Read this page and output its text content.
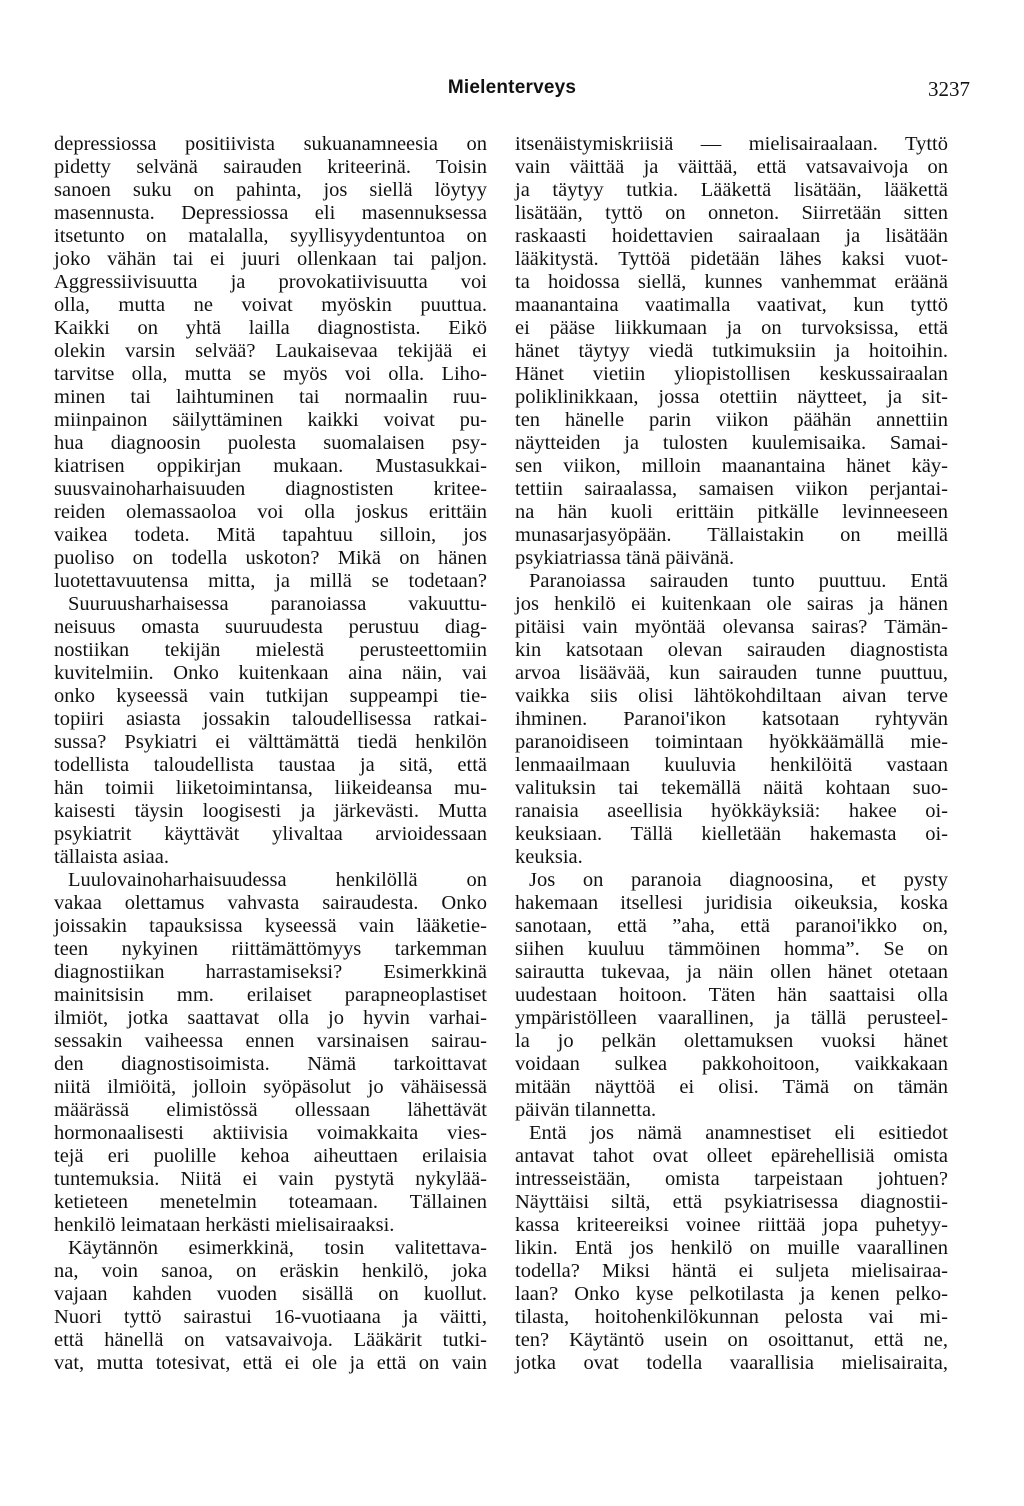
Mielenterveys	3237
depressiossa positiivista sukuanamneesia on
pidetty selvänä sairauden kriteerinä. Toisin
sanoen suku on pahinta, jos siellä löytyy
masennusta. Depressiossa eli masennuksessa
itsetunto on matalalla, syyllisyydentuntoa on
joko vähän tai ei juuri ollenkaan tai paljon.
Aggressiivisuutta ja provokatiivisuutta voi
olla, mutta ne voivat myöskin puuttua.
Kaikki on yhtä lailla diagnostista. Eikö
olekin varsin selvää? Laukaisevaa tekijää ei
tarvitse olla, mutta se myös voi olla. Liho-
minen tai laihtuminen tai normaalin ruu-
miinpainon säilyttäminen kaikki voivat pu-
hua diagnoosin puolesta suomalaisen psy-
kiatrisen oppikirjan mukaan. Mustasukkai-
suusvainoharhaisuuden diagnostisten kritee-
reiden olemassaoloa voi olla joskus erittäin
vaikea todeta. Mitä tapahtuu silloin, jos
puoliso on todella uskoton? Mikä on hänen
luotettavuutensa mitta, ja millä se todetaan?
Suuruusharhaisessa paranoiassa vakuuttu-
neisuus omasta suuruudesta perustuu diag-
nostiikan tekijän mielestä perusteettomiin
kuvitelmiin. Onko kuitenkaan aina näin, vai
onko kyseessä vain tutkijan suppeampi tie-
topiiri asiasta jossakin taloudellisessa ratkai-
sussa? Psykiatri ei välttämättä tiedä henkilön
todellista taloudellista taustaa ja sitä, että
hän toimii liiketoimintansa, liikeideansa mu-
kaisesti täysin loogisesti ja järkevästi. Mutta
psykiatrit käyttävät ylivaltaa arvioidessaan
tällaista asiaa.
Luulovainoharhaisuudessa henkilöllä on
vakaa olettamus vahvasta sairaudesta. Onko
joissakin tapauksissa kyseessä vain lääketie-
teen nykyinen riittämättömyys tarkemman
diagnostiikan harrastamiseksi? Esimerkkinä
mainitsisin mm. erilaiset parapneoplastiset
ilmiöt, jotka saattavat olla jo hyvin varhai-
sessakin vaiheessa ennen varsinaisen sairau-
den diagnostisoimista. Nämä tarkoittavat
niitä ilmiöitä, jolloin syöpäsolut jo vähäisessä
määrässä elimistössä ollessaan lähettävät
hormonaalisesti aktiivisia voimakkaita vies-
tejä eri puolille kehoa aiheuttaen erilaisia
tuntemuksia. Niitä ei vain pystytä nykylää-
ketieteen menetelmin toteamaan. Tällainen
henkilö leimataan herkästi mielisairaaksi.
Käytännön esimerkkinä, tosin valitettava-
na, voin sanoa, on eräskin henkilö, joka
vajaan kahden vuoden sisällä on kuollut.
Nuori tyttö sairastui 16-vuotiaana ja väitti,
että hänellä on vatsavaivoja. Lääkärit tutki-
vat, mutta totesivat, että ei ole ja että on vain
itsenäistymiskriisiä — mielisairaalaan. Tyttö
vain väittää ja väittää, että vatsavaivoja on
ja täytyy tutkia. Lääkettä lisätään, lääkettä
lisätään, tyttö on onneton. Siirretään sitten
raskaasti hoidettavien sairaalaan ja lisätään
lääkitystä. Tyttöä pidetään lähes kaksi vuot-
ta hoidossa siellä, kunnes vanhemmat eräänä
maanantaina vaatimalla vaativat, kun tyttö
ei pääse liikkumaan ja on turvoksissa, että
hänet täytyy viedä tutkimuksiin ja hoitoihin.
Hänet vietiin yliopistollisen keskussairaalan
poliklinikkaan, jossa otettiin näytteet, ja sit-
ten hänelle parin viikon päähän annettiin
näytteiden ja tulosten kuulemisaika. Samai-
sen viikon, milloin maanantaina hänet käy-
tettiin sairaalassa, samaisen viikon perjantai-
na hän kuoli erittäin pitkälle levinneeseen
munasarjasyöpään. Tällaistakin on meillä
psykiatriassa tänä päivänä.
Paranoiassa sairauden tunto puuttuu. Entä
jos henkilö ei kuitenkaan ole sairas ja hänen
pitäisi vain myöntää olevansa sairas? Tämän-
kin katsotaan olevan sairauden diagnostista
arvoa lisäävää, kun sairauden tunne puuttuu,
vaikka siis olisi lähtökohdiltaan aivan terve
ihminen. Paranoi'ikon katsotaan ryhtyvän
paranoidiseen toimintaan hyökkäämällä mie-
lenmaailmaan kuuluvia henkilöitä vastaan
valituksin tai tekemällä näitä kohtaan suo-
ranaisia aseellisia hyökkäyksiä: hakee oi-
keuksiaan. Tällä kielletään hakemasta oi-
keuksia.
Jos on paranoia diagnoosina, et pysty
hakemaan itsellesi juridisia oikeuksia, koska
sanotaan, että ”aha, että paranoi'ikko on,
siihen kuuluu tämmöinen homma”. Se on
sairautta tukevaa, ja näin ollen hänet otetaan
uudestaan hoitoon. Täten hän saattaisi olla
ympäristölleen vaarallinen, ja tällä perusteel-
la jo pelkän olettamuksen vuoksi hänet
voidaan sulkea pakkohoitoon, vaikkakaan
mitään näyttöä ei olisi. Tämä on tämän
päivän tilannetta.
Entä jos nämä anamnestiset eli esitiedot
antavat tahot ovat olleet epärehellisiä omista
intresseistään, omista tarpeistaan johtuen?
Näyttäisi siltä, että psykiatrisessa diagnostii-
kassa kriteereiksi voinee riittää jopa puhetyy-
likin. Entä jos henkilö on muille vaarallinen
todella? Miksi häntä ei suljeta mielisairaa-
laan? Onko kyse pelkotilasta ja kenen pelko-
tilasta, hoitohenkilökunnan pelosta vai mi-
ten? Käytäntö usein on osoittanut, että ne,
jotka ovat todella vaarallisia mielisairaita,
